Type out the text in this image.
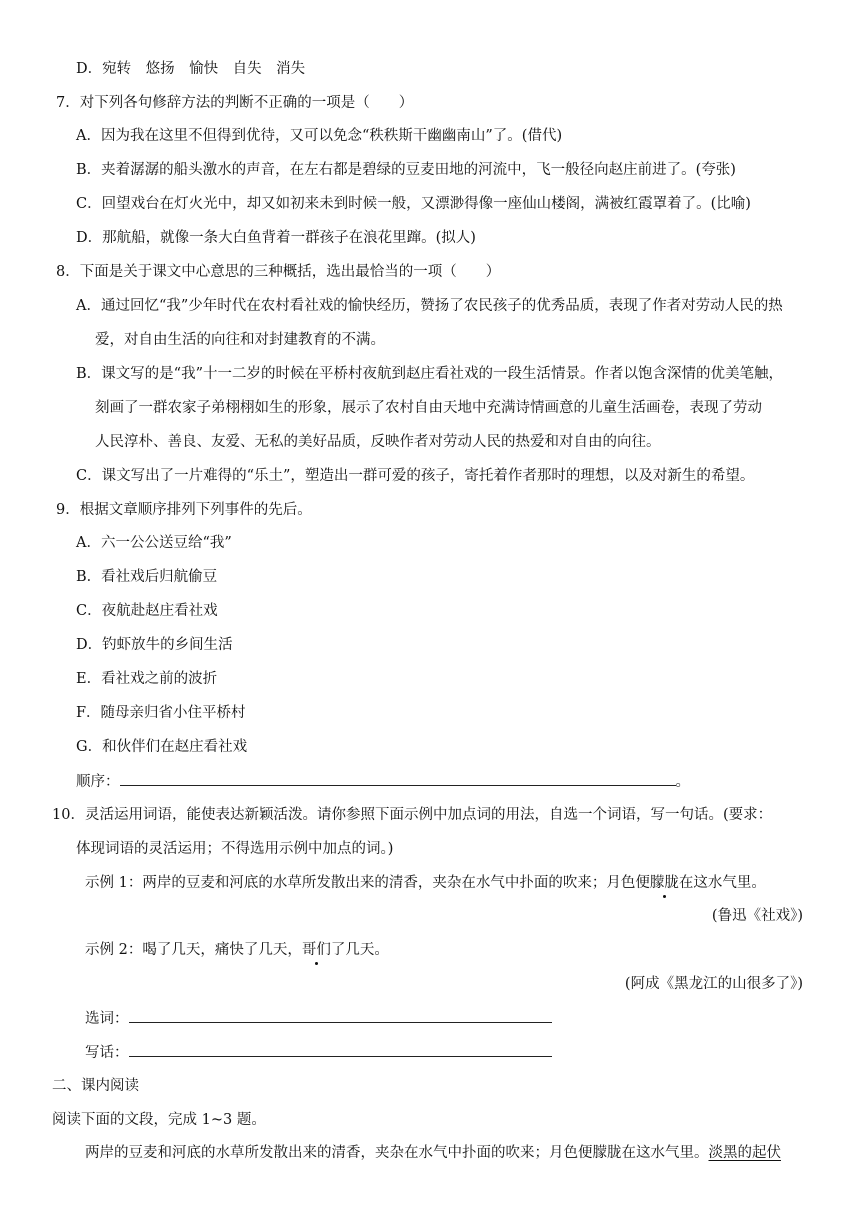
D．宛转　悠扬　愉快　自失　消失
7．对下列各句修辞方法的判断不正确的一项是（　　）
A．因为我在这里不但得到优待，又可以免念“秩秩斯干幽幽南山”了。(借代)
B．夹着潺潺的船头激水的声音，在左右都是碧绿的豆麦田地的河流中，飞一般径向赵庄前进了。(夸张)
C．回望戏台在灯火光中，却又如初来未到时候一般，又漂渺得像一座仙山楼阁，满被红霞罩着了。(比喻)
D．那航船，就像一条大白鱼背着一群孩子在浪花里蹿。(拟人)
8．下面是关于课文中心意思的三种概括，选出最恰当的一项（　　）
A．通过回忆“我”少年时代在农村看社戏的愉快经历，赞扬了农民孩子的优秀品质，表现了作者对劳动人民的热
爱，对自由生活的向往和对封建教育的不满。
B．课文写的是“我”十一二岁的时候在平桥村夜航到赵庄看社戏的一段生活情景。作者以饱含深情的优美笔触，
刻画了一群农家子弟栩栩如生的形象，展示了农村自由天地中充满诗情画意的儿童生活画卷，表现了劳动
人民淳朴、善良、友爱、无私的美好品质，反映作者对劳动人民的热爱和对自由的向往。
C．课文写出了一片难得的“乐土”，塑造出一群可爱的孩子，寄托着作者那时的理想，以及对新生的希望。
9．根据文章顺序排列下列事件的先后。
A．六一公公送豆给“我”
B．看社戏后归航偷豆
C．夜航赴赵庄看社戏
D．钓虾放牛的乡间生活
E．看社戏之前的波折
F．随母亲归省小住平桥村
G．和伙伴们在赵庄看社戏
顺序：	。
10．灵活运用词语，能使表达新颖活泼。请你参照下面示例中加点词的用法，自选一个词语，写一句话。(要求：
体现词语的灵活运用；不得选用示例中加点的词。)
示例 1：两岸的豆麦和河底的水草所发散出来的清香，夹杂在水气中扑面的吹来；月色便朦胧在这水气里。
(鲁迅《社戏》)
示例 2：喝了几天，痛快了几天，哥们了几天。
(阿成《黑龙江的山很多了》)
选词：
写话：
二、课内阅读
阅读下面的文段，完成 1~3 题。
两岸的豆麦和河底的水草所发散出来的清香，夹杂在水气中扑面的吹来；月色便朦胧在这水气里。淡黑的起伏
